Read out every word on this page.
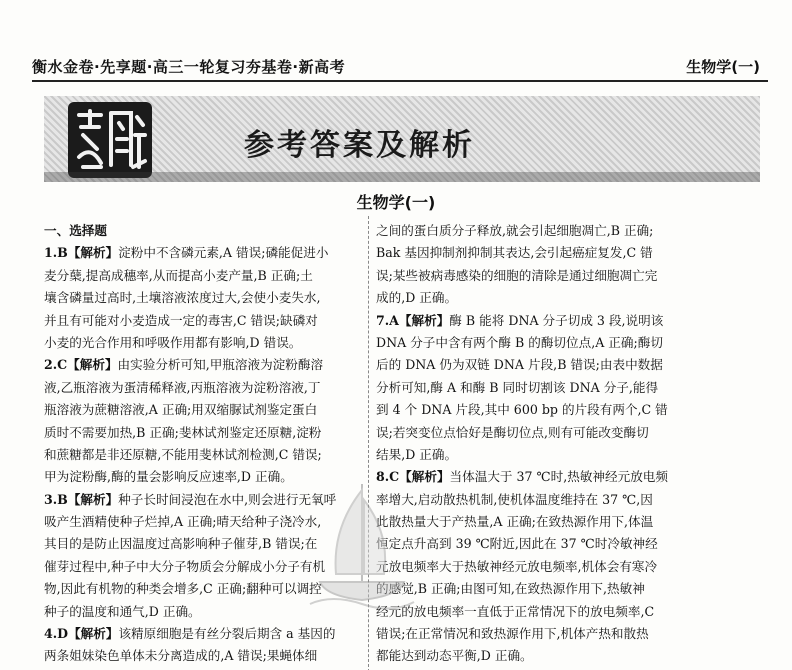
衡水金卷·先享题·高三一轮复习夯基卷·新高考	生物学(一)
参考答案及解析
生物学(一)
一、选择题
1.B【解析】淀粉中不含磷元素,A 错误;磷能促进小
麦分蘖,提高成穗率,从而提高小麦产量,B 正确;土
壤含磷量过高时,土壤溶液浓度过大,会使小麦失水,
并且有可能对小麦造成一定的毒害,C 错误;缺磷对
小麦的光合作用和呼吸作用都有影响,D 错误。
2.C【解析】由实验分析可知,甲瓶溶液为淀粉酶溶
液,乙瓶溶液为蛋清稀释液,丙瓶溶液为淀粉溶液,丁
瓶溶液为蔗糖溶液,A 正确;用双缩脲试剂鉴定蛋白
质时不需要加热,B 正确;斐林试剂鉴定还原糖,淀粉
和蔗糖都是非还原糖,不能用斐林试剂检测,C 错误;
甲为淀粉酶,酶的量会影响反应速率,D 正确。
3.B【解析】种子长时间浸泡在水中,则会进行无氧呼
吸产生酒精使种子烂掉,A 正确;晴天给种子浇冷水,
其目的是防止因温度过高影响种子催芽,B 错误;在
催芽过程中,种子中大分子物质会分解成小分子有机
物,因此有机物的种类会增多,C 正确;翻种可以调控
种子的温度和通气,D 正确。
4.D【解析】该精原细胞是有丝分裂后期含 a 基因的
两条姐妹染色单体未分离造成的,A 错误;果蝇体细
之间的蛋白质分子释放,就会引起细胞凋亡,B 正确;
Bak 基因抑制剂抑制其表达,会引起癌症复发,C 错
误;某些被病毒感染的细胞的清除是通过细胞凋亡完
成的,D 正确。
7.A【解析】酶 B 能将 DNA 分子切成 3 段,说明该
DNA 分子中含有两个酶 B 的酶切位点,A 正确;酶切
后的 DNA 仍为双链 DNA 片段,B 错误;由表中数据
分析可知,酶 A 和酶 B 同时切割该 DNA 分子,能得
到 4 个 DNA 片段,其中 600 bp 的片段有两个,C 错
误;若突变位点恰好是酶切位点,则有可能改变酶切
结果,D 正确。
8.C【解析】当体温大于 37 ℃时,热敏神经元放电频
率增大,启动散热机制,使机体温度维持在 37 ℃,因
此散热量大于产热量,A 正确;在致热源作用下,体温
恒定点升高到 39 ℃附近,因此在 37 ℃时冷敏神经
元放电频率大于热敏神经元放电频率,机体会有寒冷
的感觉,B 正确;由图可知,在致热源作用下,热敏神
经元的放电频率一直低于正常情况下的放电频率,C
错误;在正常情况和致热源作用下,机体产热和散热
都能达到动态平衡,D 正确。
